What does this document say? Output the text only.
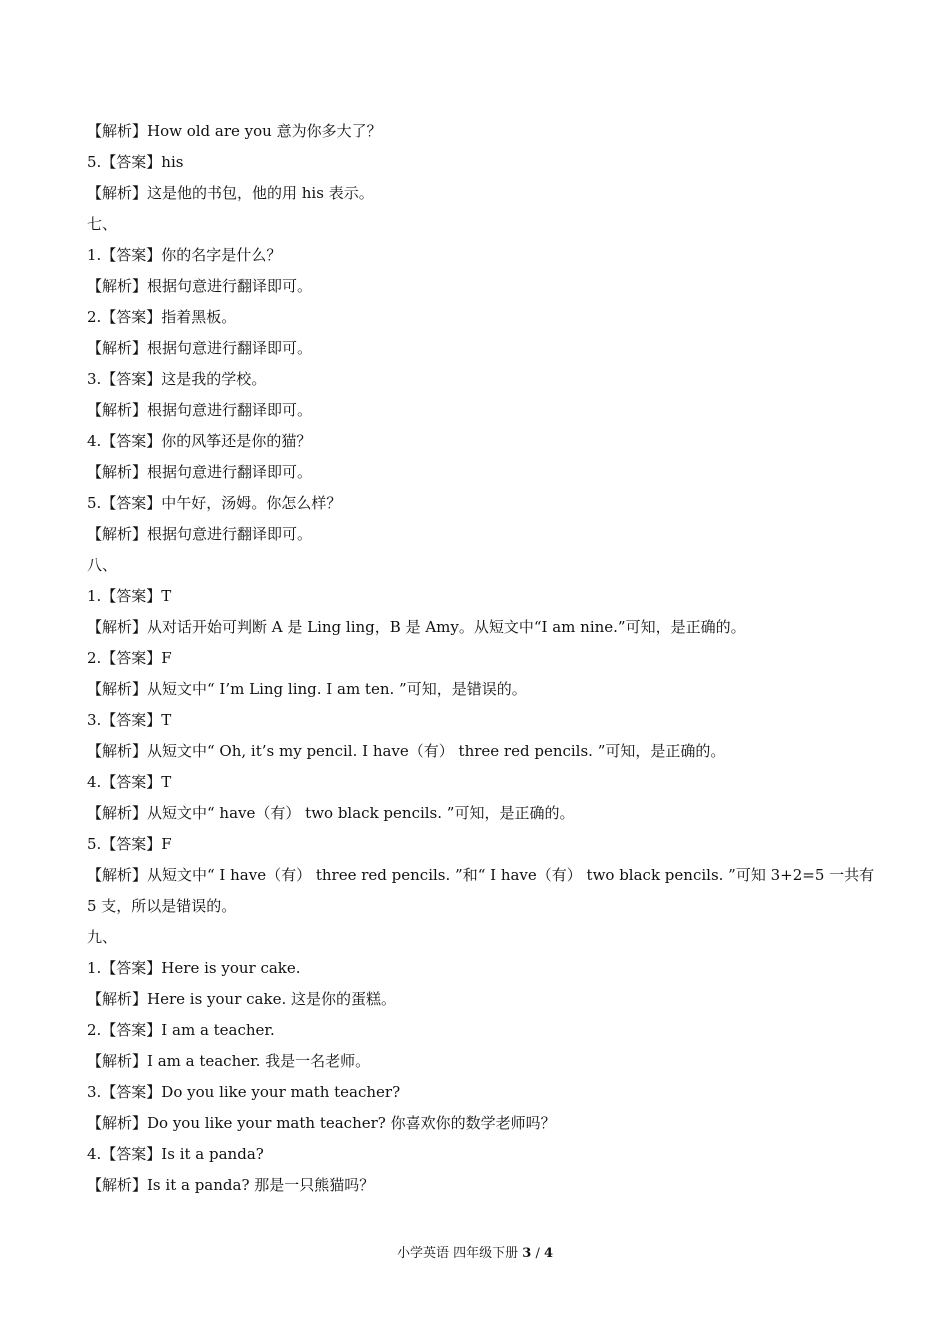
【解析】How old are you 意为你多大了？
5.【答案】his
【解析】这是他的书包，他的用 his 表示。
七、
1.【答案】你的名字是什么？
【解析】根据句意进行翻译即可。
2.【答案】指着黑板。
【解析】根据句意进行翻译即可。
3.【答案】这是我的学校。
【解析】根据句意进行翻译即可。
4.【答案】你的风筝还是你的猫？
【解析】根据句意进行翻译即可。
5.【答案】中午好，汤姆。你怎么样？
【解析】根据句意进行翻译即可。
八、
1.【答案】T
【解析】从对话开始可判断 A 是 Ling ling，B 是 Amy。从短文中“I am nine.”可知，是正确的。
2.【答案】F
【解析】从短文中“ I’m Ling ling. I am ten. ”可知，是错误的。
3.【答案】T
【解析】从短文中“ Oh, it’s my pencil. I have（有） three red pencils. ”可知，是正确的。
4.【答案】T
【解析】从短文中“ have（有） two black pencils. ”可知，是正确的。
5.【答案】F
【解析】从短文中“ I have（有） three red pencils. ”和“ I have（有） two black pencils. ”可知 3+2=5 一共有 5 支，所以是错误的。
九、
1.【答案】Here is your cake.
【解析】Here is your cake. 这是你的蛋糕。
2.【答案】I am a teacher.
【解析】I am a teacher. 我是一名老师。
3.【答案】Do you like your math teacher?
【解析】Do you like your math teacher? 你喜欢你的数学老师吗？
4.【答案】Is it a panda?
【解析】Is it a panda? 那是一只熊猫吗？
小学英语 四年级下册 3 / 4
